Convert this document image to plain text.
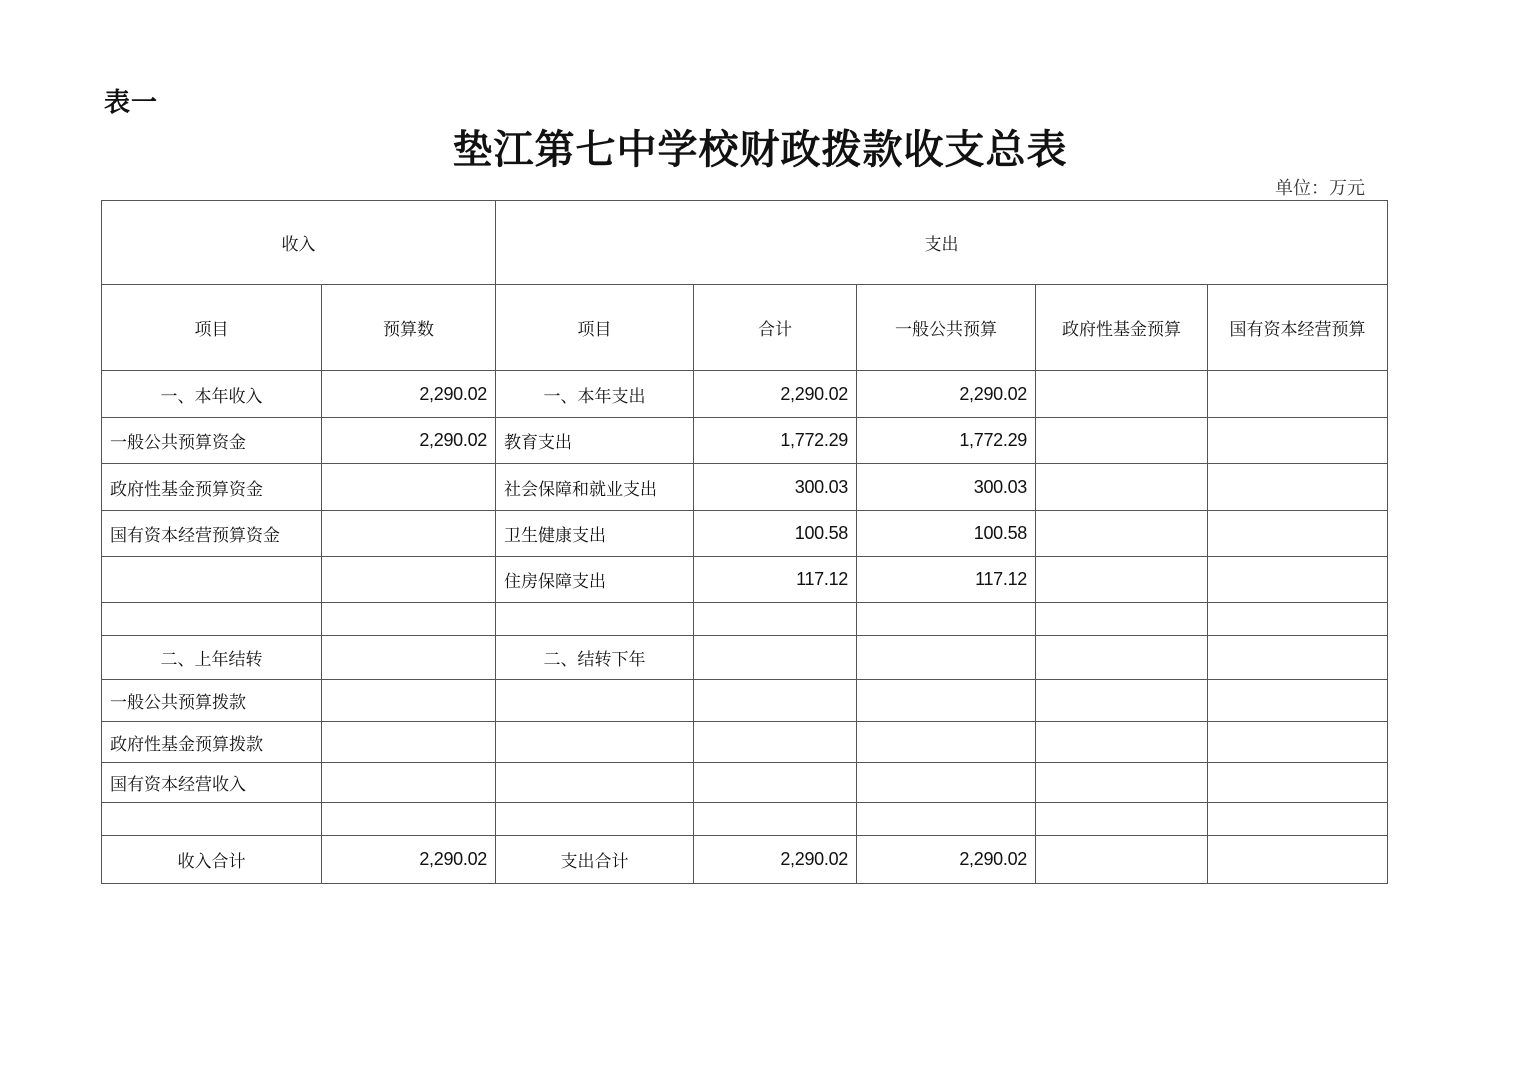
表一
垫江第七中学校财政拨款收支总表
单位：万元
收入		支出				
项目	预算数	项目	合计	一般公共预算	政府性基金预算	国有资本经营预算
一、本年收入	2,290.02	一、本年支出	2,290.02	2,290.02		
一般公共预算资金	2,290.02	教育支出	1,772.29	1,772.29		
政府性基金预算资金		社会保障和就业支出	300.03	300.03		
国有资本经营预算资金		卫生健康支出	100.58	100.58		
		住房保障支出	117.12	117.12		

二、上年结转		二、结转下年				
一般公共预算拨款						
政府性基金预算拨款						
国有资本经营收入						

收入合计	2,290.02	支出合计	2,290.02	2,290.02		
